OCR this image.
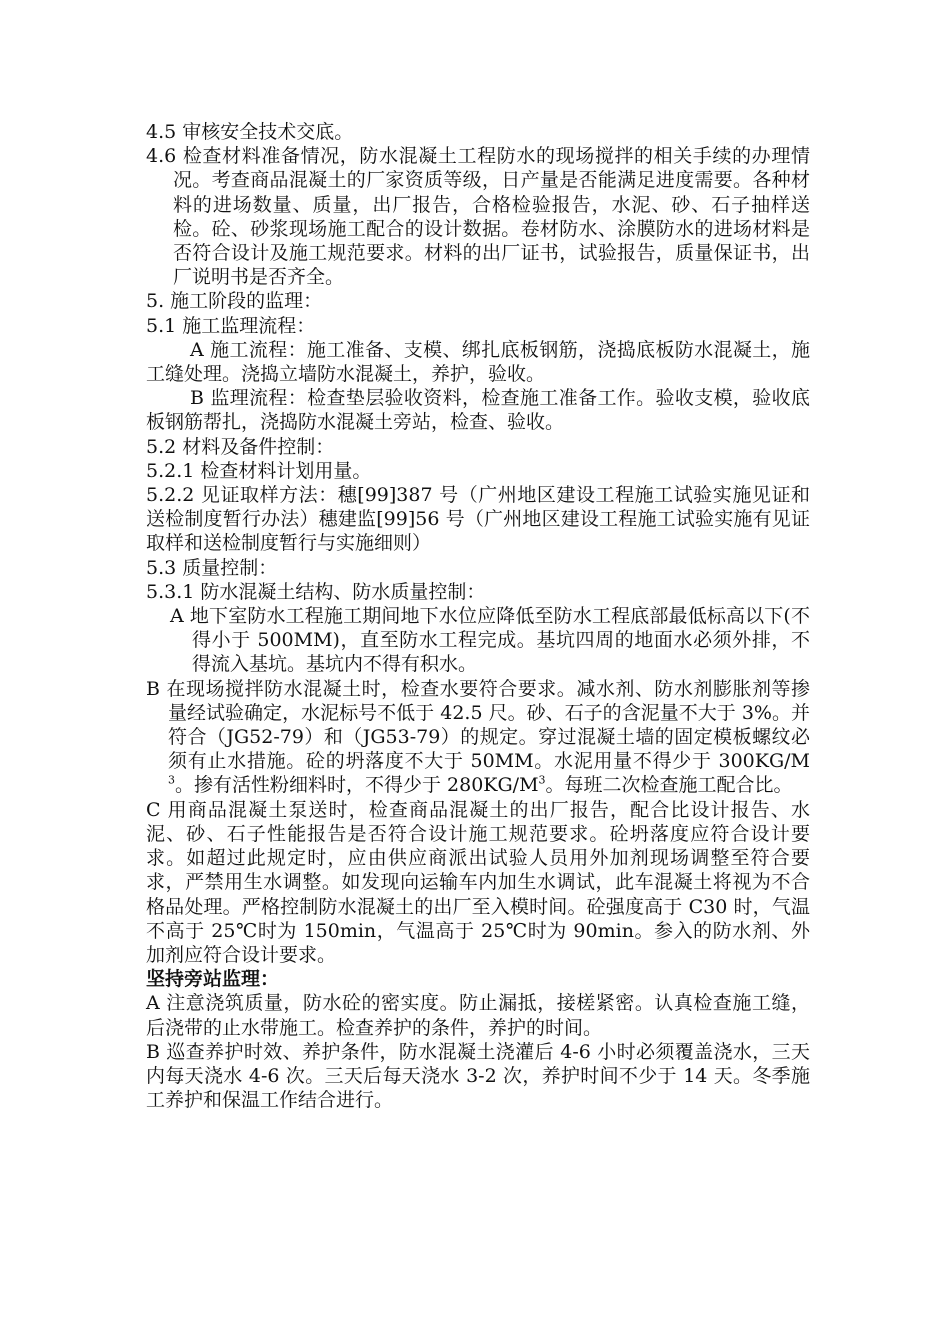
4.5 审核安全技术交底。

4.6 检查材料准备情况，防水混凝土工程防水的现场搅拌的相关手续的办理情况。考查商品混凝土的厂家资质等级，日产量是否能满足进度需要。各种材料的进场数量、质量，出厂报告，合格检验报告，水泥、砂、石子抽样送检。砼、砂浆现场施工配合的设计数据。卷材防水、涂膜防水的进场材料是否符合设计及施工规范要求。材料的出厂证书，试验报告，质量保证书，出厂说明书是否齐全。

5. 施工阶段的监理：

5.1 施工监理流程：

A 施工流程：施工准备、支模、绑扎底板钢筋，浇捣底板防水混凝土，施工缝处理。浇捣立墙防水混凝土，养护，验收。

B 监理流程：检查垫层验收资料，检查施工准备工作。验收支模，验收底板钢筋帮扎，浇捣防水混凝土旁站，检查、验收。

5.2 材料及备件控制：

5.2.1 检查材料计划用量。

5.2.2 见证取样方法：穗[99]387 号（广州地区建设工程施工试验实施见证和送检制度暂行办法）穗建监[99]56 号（广州地区建设工程施工试验实施有见证取样和送检制度暂行与实施细则）

5.3 质量控制：

5.3.1 防水混凝土结构、防水质量控制：

A 地下室防水工程施工期间地下水位应降低至防水工程底部最低标高以下(不得小于 500MM)，直至防水工程完成。基坑四周的地面水必须外排，不得流入基坑。基坑内不得有积水。

B 在现场搅拌防水混凝土时，检查水要符合要求。减水剂、防水剂膨胀剂等掺量经试验确定，水泥标号不低于 42.5 尺。砂、石子的含泥量不大于 3%。并符合（JG52-79）和（JG53-79）的规定。穿过混凝土墙的固定模板螺纹必须有止水措施。砼的坍落度不大于 50MM。水泥用量不得少于 $300KG/M^3$。掺有活性粉细料时，不得少于 $280KG/M^3$。每班二次检查施工配合比。

C 用商品混凝土泵送时，检查商品混凝土的出厂报告，配合比设计报告、水泥、砂、石子性能报告是否符合设计施工规范要求。砼坍落度应符合设计要求。如超过此规定时，应由供应商派出试验人员用外加剂现场调整至符合要求，严禁用生水调整。如发现向运输车内加生水调试，此车混凝土将视为不合格品处理。严格控制防水混凝土的出厂至入模时间。砼强度高于 C30 时，气温不高于 25℃时为 150min，气温高于 25℃时为 90min。参入的防水剂、外加剂应符合设计要求。

坚持旁站监理：

A 注意浇筑质量，防水砼的密实度。防止漏抵，接槎紧密。认真检查施工缝，后浇带的止水带施工。检查养护的条件，养护的时间。

B 巡查养护时效、养护条件，防水混凝土浇灌后 4-6 小时必须覆盖浇水，三天内每天浇水 4-6 次。三天后每天浇水 3-2 次，养护时间不少于 14 天。冬季施工养护和保温工作结合进行。
